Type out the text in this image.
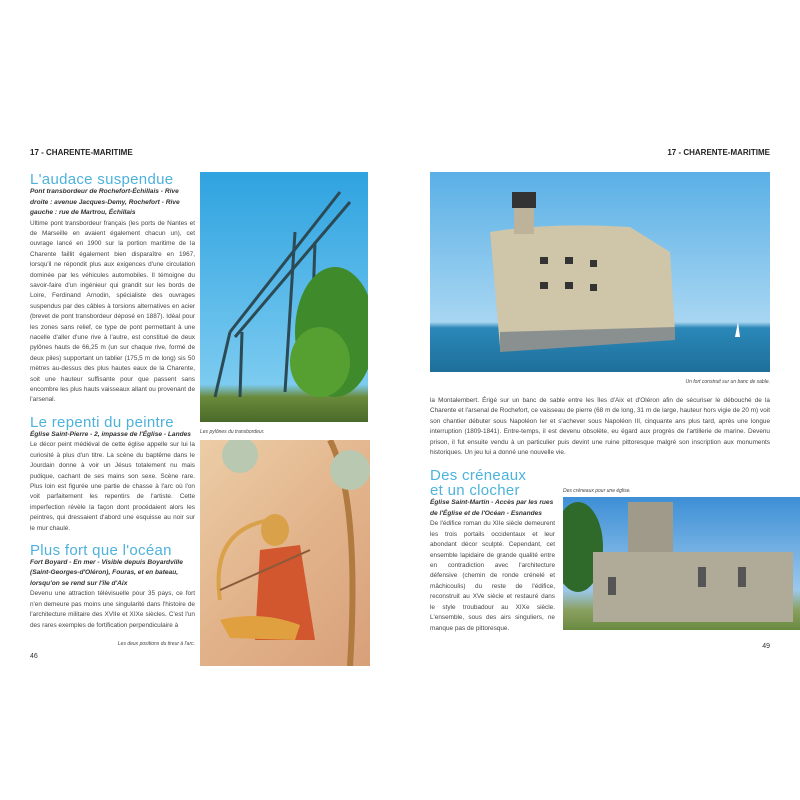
17 - CHARENTE-MARITIME
L'audace suspendue
Pont transbordeur de Rochefort-Échillais - Rive droite : avenue Jacques-Demy, Rochefort - Rive gauche : rue de Martrou, Échillais
Ultime pont transbordeur français (les ports de Nantes et de Marseille en avaient également chacun un), cet ouvrage lancé en 1900 sur la portion maritime de la Charente faillit également bien disparaître en 1967, lorsqu'il ne répondit plus aux exigences d'une circulation dominée par les véhicules automobiles. Il témoigne du savoir-faire d'un ingénieur qui grandit sur les bords de Loire, Ferdinand Arnodin, spécialiste des ouvrages suspendus par des câbles à torsions alternatives en acier (brevet de pont transbordeur déposé en 1887). Idéal pour les zones sans relief, ce type de pont permettant à une nacelle d'aller d'une rive à l'autre, est constitué de deux pylônes hauts de 66,25 m (un sur chaque rive, formé de deux piles) supportant un tablier (175,5 m de long) sis 50 mètres au-dessus des plus hautes eaux de la Charente, soit une hauteur suffisante pour que passent sans encombre les plus hauts vaisseaux allant ou provenant de l'arsenal.
Le repenti du peintre
Église Saint-Pierre - 2, impasse de l'Église - Landes
Le décor peint médiéval de cette église appelle sur lui la curiosité à plus d'un titre. La scène du baptême dans le Jourdain donne à voir un Jésus totalement nu mais pudique, cachant de ses mains son sexe. Scène rare. Plus loin est figurée une partie de chasse à l'arc où l'on voit parfaitement les repentirs de l'artiste. Cette imperfection révèle la façon dont procédaient alors les peintres, qui dressaient d'abord une esquisse au noir sur le mur chaulé.
Plus fort que l'océan
Fort Boyard - En mer - Visible depuis Boyardville (Saint-Georges-d'Oléron), Fouras, et en bateau, lorsqu'on se rend sur l'île d'Aix
Devenu une attraction télévisuelle pour 35 pays, ce fort n'en demeure pas moins une singularité dans l'histoire de l'architecture militaire des XVIIe et XIXe siècles. C'est l'un des rares exemples de fortification perpendiculaire à
Les deux positions du tireur à l'arc.
46
Les pylônes du transbordeur.
17 - CHARENTE-MARITIME
Un fort construit sur un banc de sable.
la Montalembert. Érigé sur un banc de sable entre les îles d'Aix et d'Oléron afin de sécuriser le débouché de la Charente et l'arsenal de Rochefort, ce vaisseau de pierre (68 m de long, 31 m de large, hauteur hors vigie de 20 m) voit son chantier débuter sous Napoléon Ier et s'achever sous Napoléon III, cinquante ans plus tard, après une longue interruption (1809-1841). Entre-temps, il est devenu obsolète, eu égard aux progrès de l'artillerie de marine. Devenu prison, il fut ensuite vendu à un particulier puis devint une ruine pittoresque malgré son inscription aux monuments historiques. Un jeu lui a donné une nouvelle vie.
Des créneaux
et un clocher
Église Saint-Martin - Accès par les rues de l'Église et de l'Océan - Esnandes
De l'édifice roman du XIIe siècle demeurent les trois portails occidentaux et leur abondant décor sculpté. Cependant, cet ensemble lapidaire de grande qualité entre en contradiction avec l'architecture défensive (chemin de ronde crénelé et mâchicoulis) du reste de l'édifice, reconstruit au XVe siècle et restauré dans le style troubadour au XIXe siècle. L'ensemble, sous des airs singuliers, ne manque pas de pittoresque.
Des créneaux pour une église.
49
